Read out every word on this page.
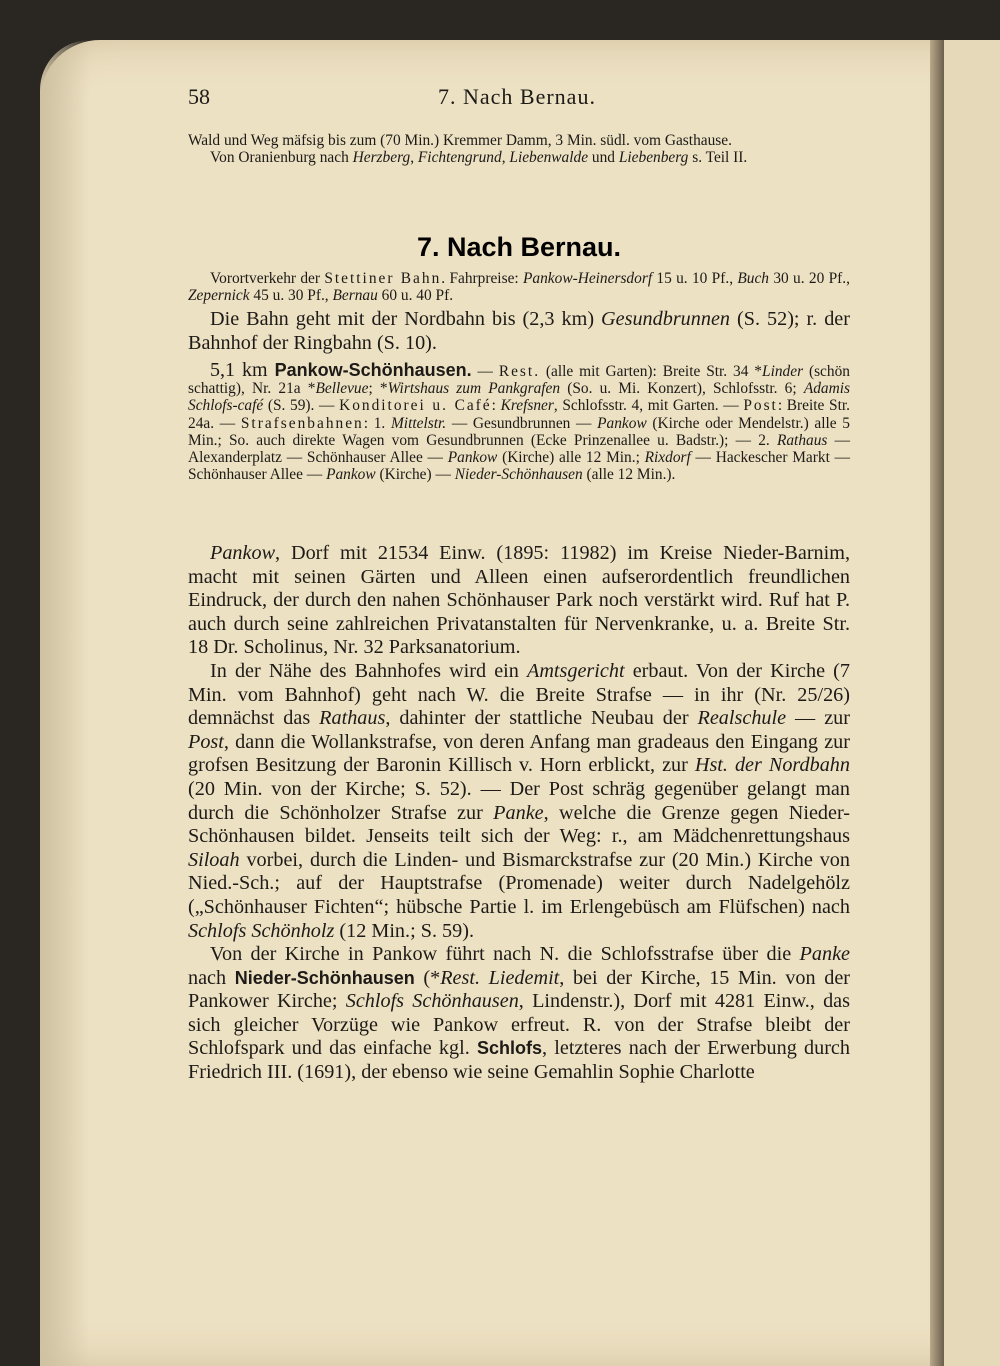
58	7. Nach Bernau.

Wald und Weg mäfsig bis zum (70 Min.) Kremmer Damm, 3 Min. südl. vom Gasthause.

Von Oranienburg nach Herzberg, Fichtengrund, Liebenwalde und Liebenberg s. Teil II.

7. Nach Bernau.

Vorortverkehr der Stettiner Bahn. Fahrpreise: Pankow-Heinersdorf 15 u. 10 Pf., Buch 30 u. 20 Pf., Zepernick 45 u. 30 Pf., Bernau 60 u. 40 Pf.

Die Bahn geht mit der Nordbahn bis (2,3 km) Gesundbrunnen (S. 52); r. der Bahnhof der Ringbahn (S. 10).

5,1 km Pankow-Schönhausen. — Rest. (alle mit Garten): Breite Str. 34 *Linder (schön schattig), Nr. 21a *Bellevue; *Wirtshaus zum Pankgrafen (So. u. Mi. Konzert), Schlofsstr. 6; Adamis Schlofs-café (S. 59). — Konditorei u. Café: Krefsner, Schlofsstr. 4, mit Garten. — Post: Breite Str. 24a. — Strafsenbahnen: 1. Mittelstr. — Gesundbrunnen — Pankow (Kirche oder Mendelstr.) alle 5 Min.; So. auch direkte Wagen vom Gesundbrunnen (Ecke Prinzenallee u. Badstr.); — 2. Rathaus — Alexanderplatz — Schönhauser Allee — Pankow (Kirche) alle 12 Min.; Rixdorf — Hackescher Markt — Schönhauser Allee — Pankow (Kirche) — Nieder-Schönhausen (alle 12 Min.).

Pankow, Dorf mit 21534 Einw. (1895: 11982) im Kreise Nieder-Barnim, macht mit seinen Gärten und Alleen einen aufserordentlich freundlichen Eindruck, der durch den nahen Schönhauser Park noch verstärkt wird. Ruf hat P. auch durch seine zahlreichen Privatanstalten für Nervenkranke, u. a. Breite Str. 18 Dr. Scholinus, Nr. 32 Parksanatorium.

In der Nähe des Bahnhofes wird ein Amtsgericht erbaut. Von der Kirche (7 Min. vom Bahnhof) geht nach W. die Breite Strafse — in ihr (Nr. 25/26) demnächst das Rathaus, dahinter der stattliche Neubau der Realschule — zur Post, dann die Wollankstrafse, von deren Anfang man gradeaus den Eingang zur grofsen Besitzung der Baronin Killisch v. Horn erblickt, zur Hst. der Nordbahn (20 Min. von der Kirche; S. 52). — Der Post schräg gegenüber gelangt man durch die Schönholzer Strafse zur Panke, welche die Grenze gegen Nieder-Schönhausen bildet. Jenseits teilt sich der Weg: r., am Mädchenrettungshaus Siloah vorbei, durch die Linden- und Bismarckstrafse zur (20 Min.) Kirche von Nied.-Sch.; auf der Hauptstrafse (Promenade) weiter durch Nadelgehölz („Schönhauser Fichten“; hübsche Partie l. im Erlengebüsch am Flüfschen) nach Schlofs Schönholz (12 Min.; S. 59).

Von der Kirche in Pankow führt nach N. die Schlofsstrafse über die Panke nach Nieder-Schönhausen (*Rest. Liedemit, bei der Kirche, 15 Min. von der Pankower Kirche; Schlofs Schönhausen, Lindenstr.), Dorf mit 4281 Einw., das sich gleicher Vorzüge wie Pankow erfreut. R. von der Strafse bleibt der Schlofspark und das einfache kgl. Schlofs, letzteres nach der Erwerbung durch Friedrich III. (1691), der ebenso wie seine Gemahlin Sophie Charlotte
